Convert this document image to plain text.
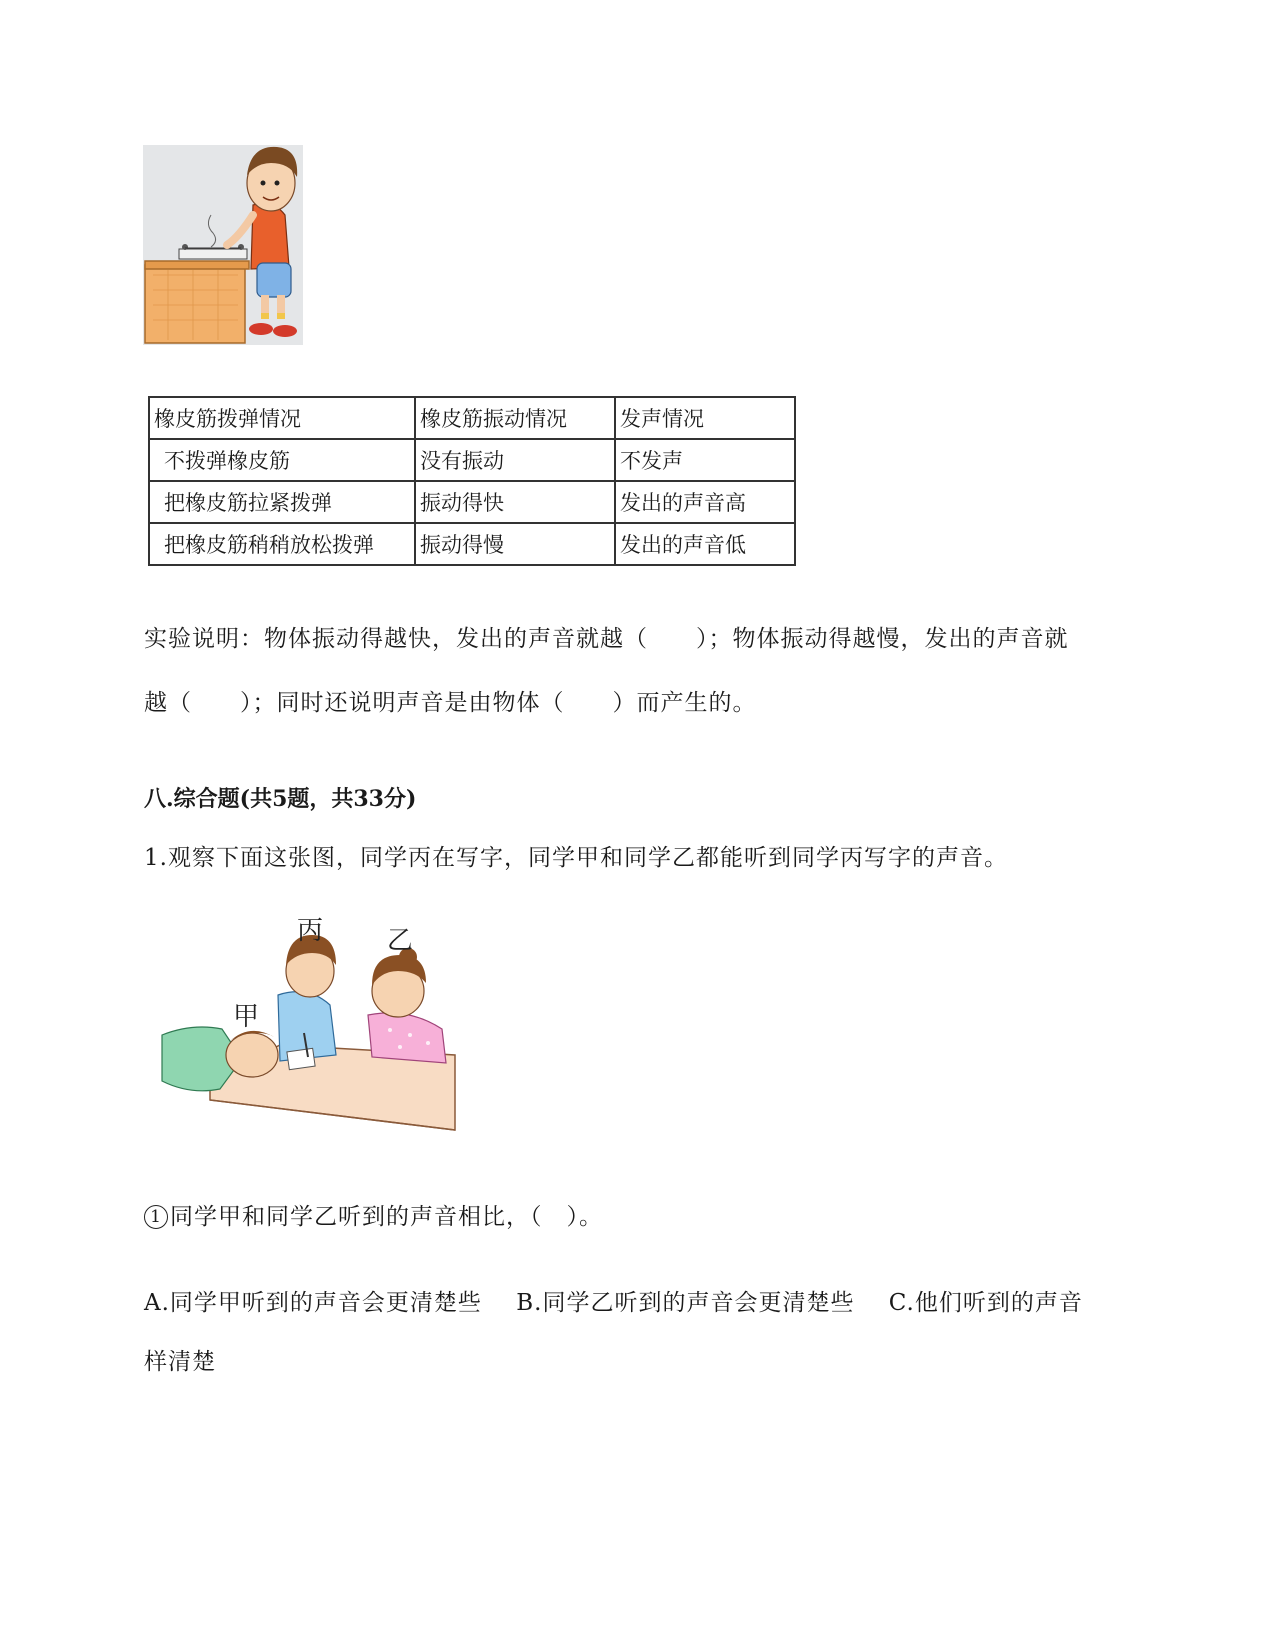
橡皮筋拨弹情况	橡皮筋振动情况	发声情况
不拨弹橡皮筋	没有振动	不发声
把橡皮筋拉紧拨弹	振动得快	发出的声音高
把橡皮筋稍稍放松拨弹	振动得慢	发出的声音低
实验说明：物体振动得越快，发出的声音就越（　　）；物体振动得越慢，发出的声音就
越（　　）；同时还说明声音是由物体（　　）而产生的。
八.综合题(共5题，共33分)
1.观察下面这张图，同学丙在写字，同学甲和同学乙都能听到同学丙写字的声音。
丙 乙
甲
1 同学甲和同学乙听到的声音相比，（　）。
A.同学甲听到的声音会更清楚些 B.同学乙听到的声音会更清楚些 C.他们听到的声音
样清楚
